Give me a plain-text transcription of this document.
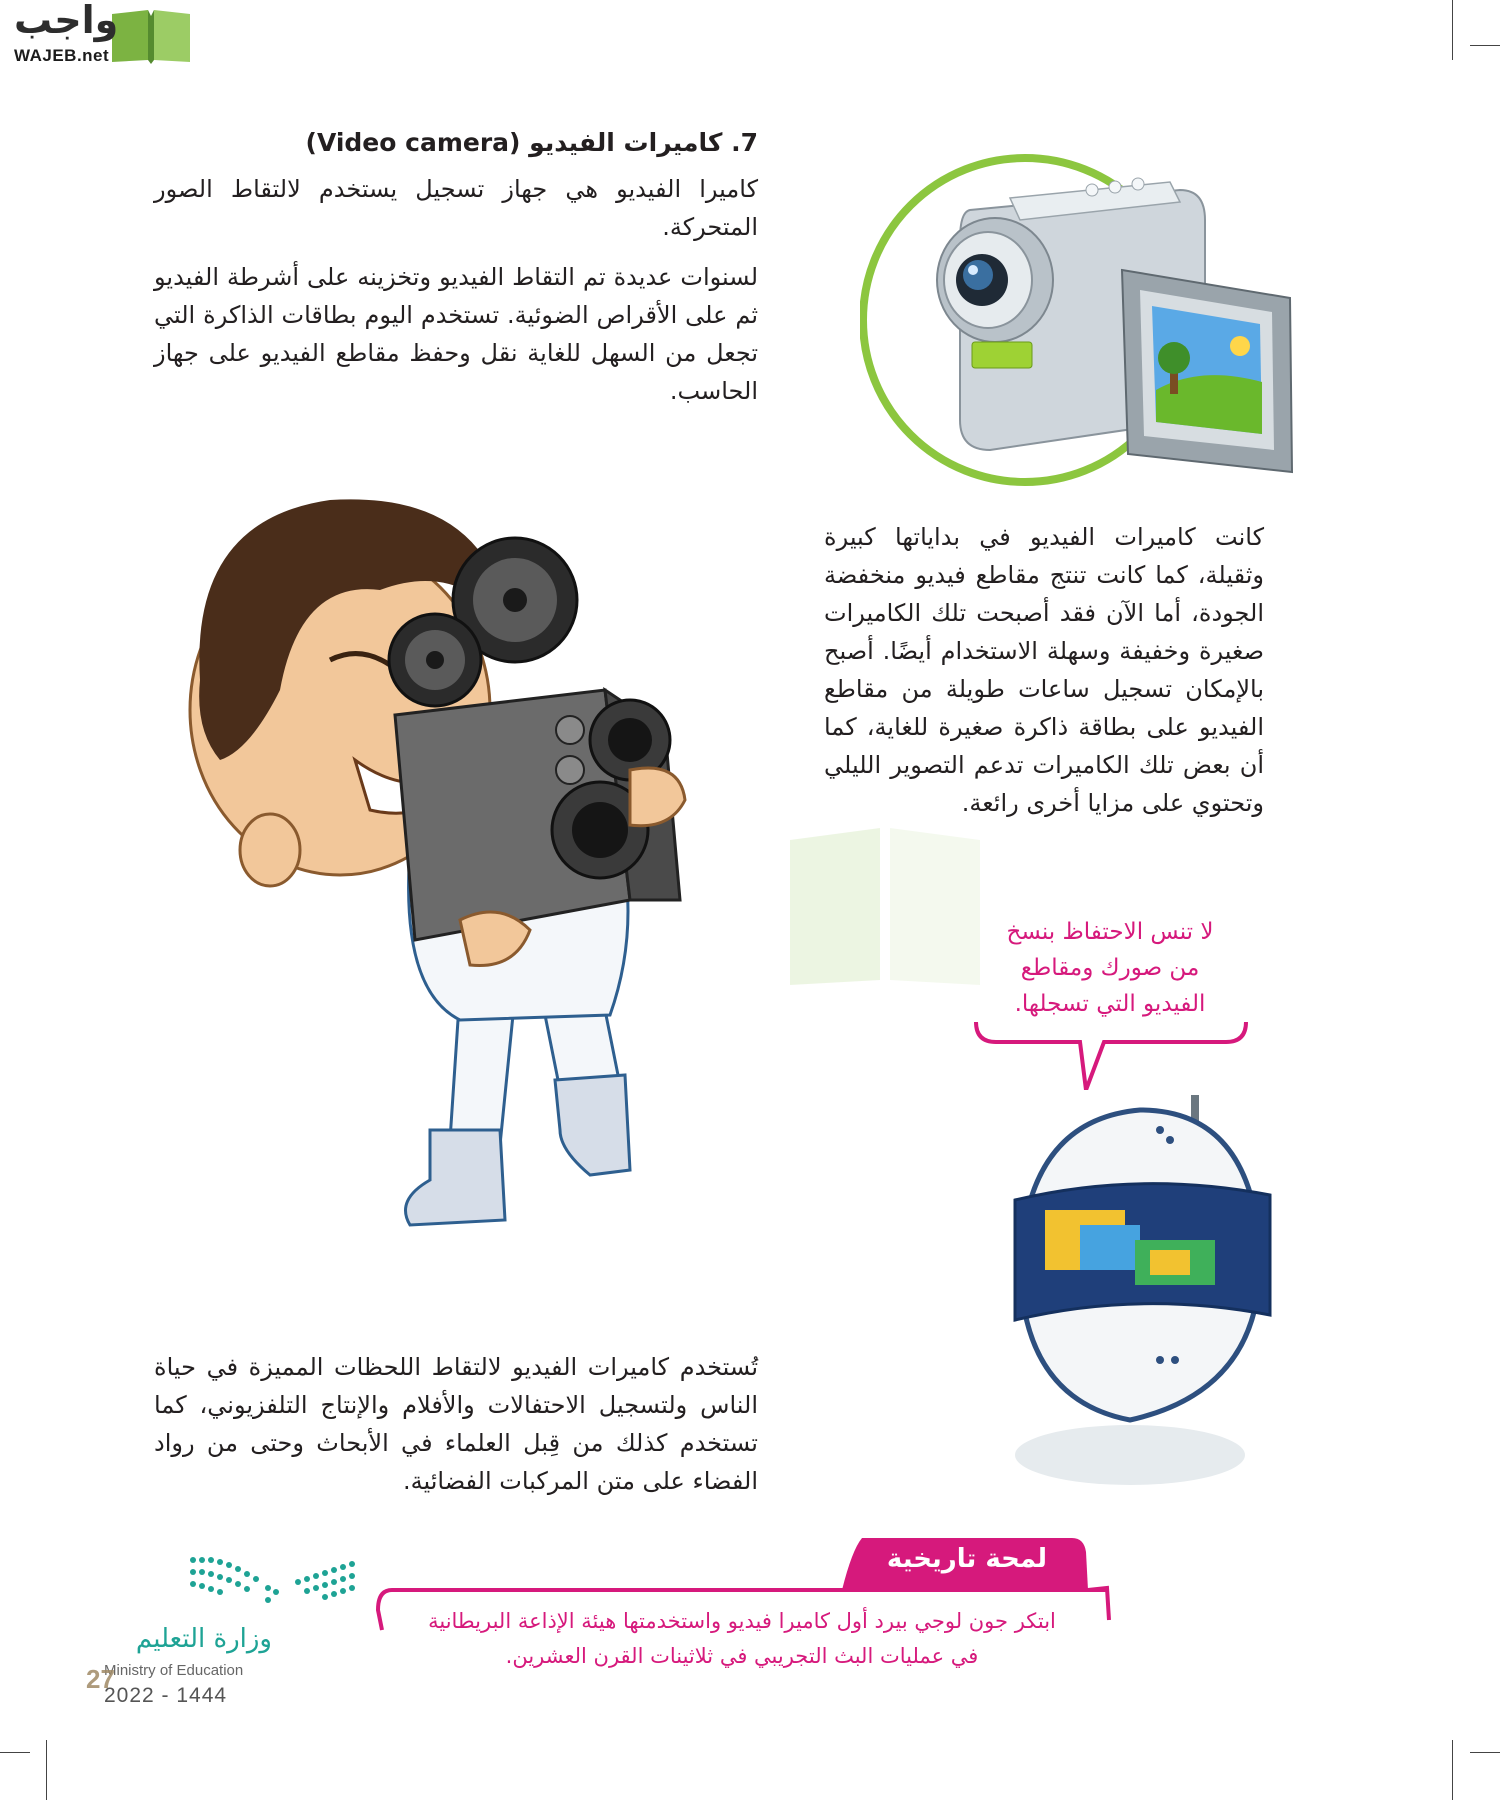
واجب
WAJEB.net
7. كاميرات الفيديو (Video camera)
كاميرا الفيديو هي جهاز تسجيل يستخدم لالتقاط الصور المتحركة.
لسنوات عديدة تم التقاط الفيديو وتخزينه على أشرطة الفيديو ثم على الأقراص الضوئية. تستخدم اليوم بطاقات الذاكرة التي تجعل من السهل للغاية نقل وحفظ مقاطع الفيديو على جهاز الحاسب.
كانت كاميرات الفيديو في بداياتها كبيرة وثقيلة، كما كانت تنتج مقاطع فيديو منخفضة الجودة، أما الآن فقد أصبحت تلك الكاميرات صغيرة وخفيفة وسهلة الاستخدام أيضًا. أصبح بالإمكان تسجيل ساعات طويلة من مقاطع الفيديو على بطاقة ذاكرة صغيرة للغاية، كما أن بعض تلك الكاميرات تدعم التصوير الليلي وتحتوي على مزايا أخرى رائعة.
لا تنس الاحتفاظ بنسخ
من صورك ومقاطع
الفيديو التي تسجلها.
تُستخدم كاميرات الفيديو لالتقاط اللحظات المميزة في حياة الناس ولتسجيل الاحتفالات والأفلام والإنتاج التلفزيوني، كما تستخدم كذلك من قِبل العلماء في الأبحاث وحتى من رواد الفضاء على متن المركبات الفضائية.
لمحة تاريخية
ابتكر جون لوجي بيرد أول كاميرا فيديو واستخدمتها هيئة الإذاعة البريطانية
في عمليات البث التجريبي في ثلاثينات القرن العشرين.
وزارة التعليم
Ministry of Education
2022 - 1444
27
